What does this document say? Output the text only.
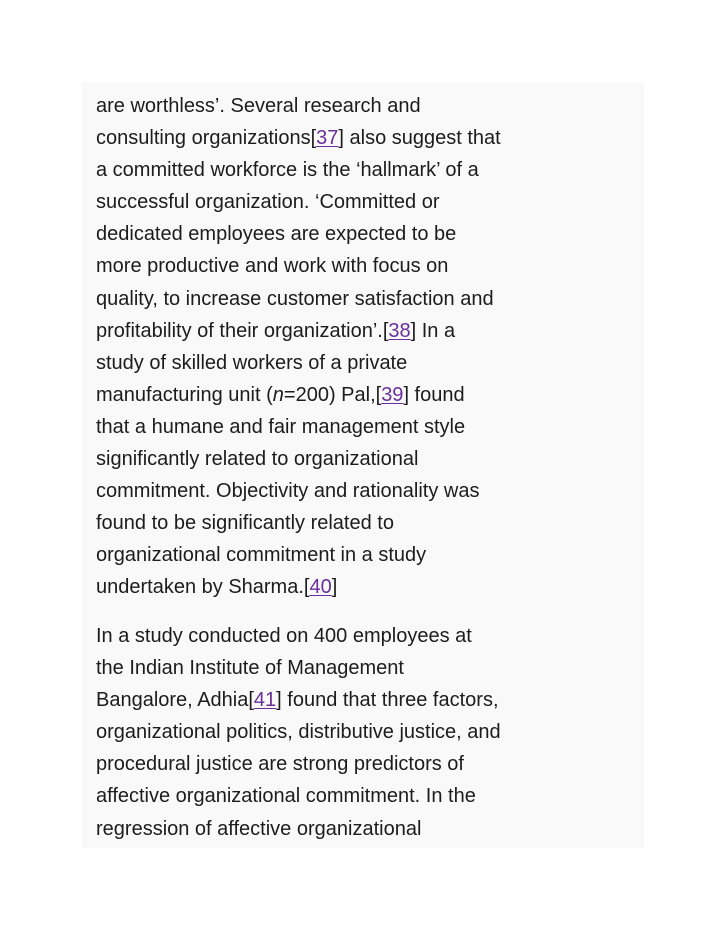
are worthless’. Several research and
consulting organizations[37] also suggest that
a committed workforce is the ‘hallmark’ of a
successful organization. ‘Committed or
dedicated employees are expected to be
more productive and work with focus on
quality, to increase customer satisfaction and
profitability of their organization’.[38] In a
study of skilled workers of a private
manufacturing unit (n=200) Pal,[39] found
that a humane and fair management style
significantly related to organizational
commitment. Objectivity and rationality was
found to be significantly related to
organizational commitment in a study
undertaken by Sharma.[40]
In a study conducted on 400 employees at
the Indian Institute of Management
Bangalore, Adhia[41] found that three factors,
organizational politics, distributive justice, and
procedural justice are strong predictors of
affective organizational commitment. In the
regression of affective organizational
